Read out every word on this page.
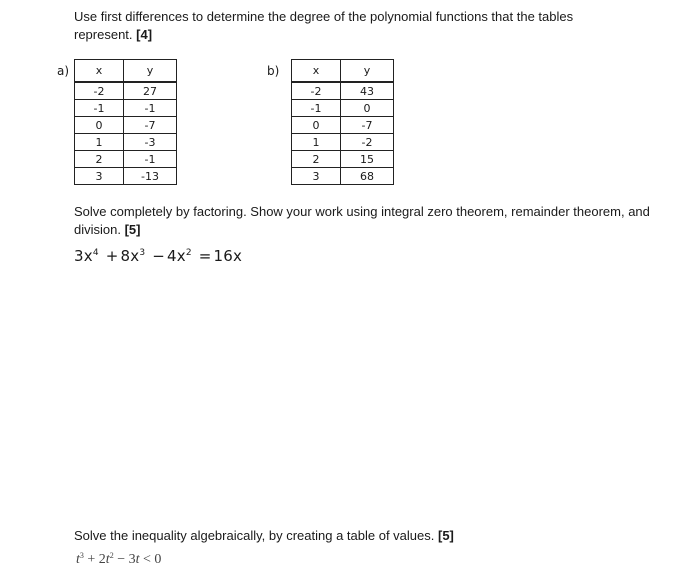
Use first differences to determine the degree of the polynomial functions that the tables represent. [4]
a) x	y
-2	27
-1	-1
0	-7
1	-3
2	-1
3	-13
b)	x	y
-2	43
-1	0
0	-7
1	-2
2	15
3	68
Solve completely by factoring. Show your work using integral zero theorem, remainder theorem, and division. [5]
$3x^4 + 8x^3 - 4x^2 = 16x$
Solve the inequality algebraically, by creating a table of values. [5]
$t^3 + 2t^2 - 3t < 0$
